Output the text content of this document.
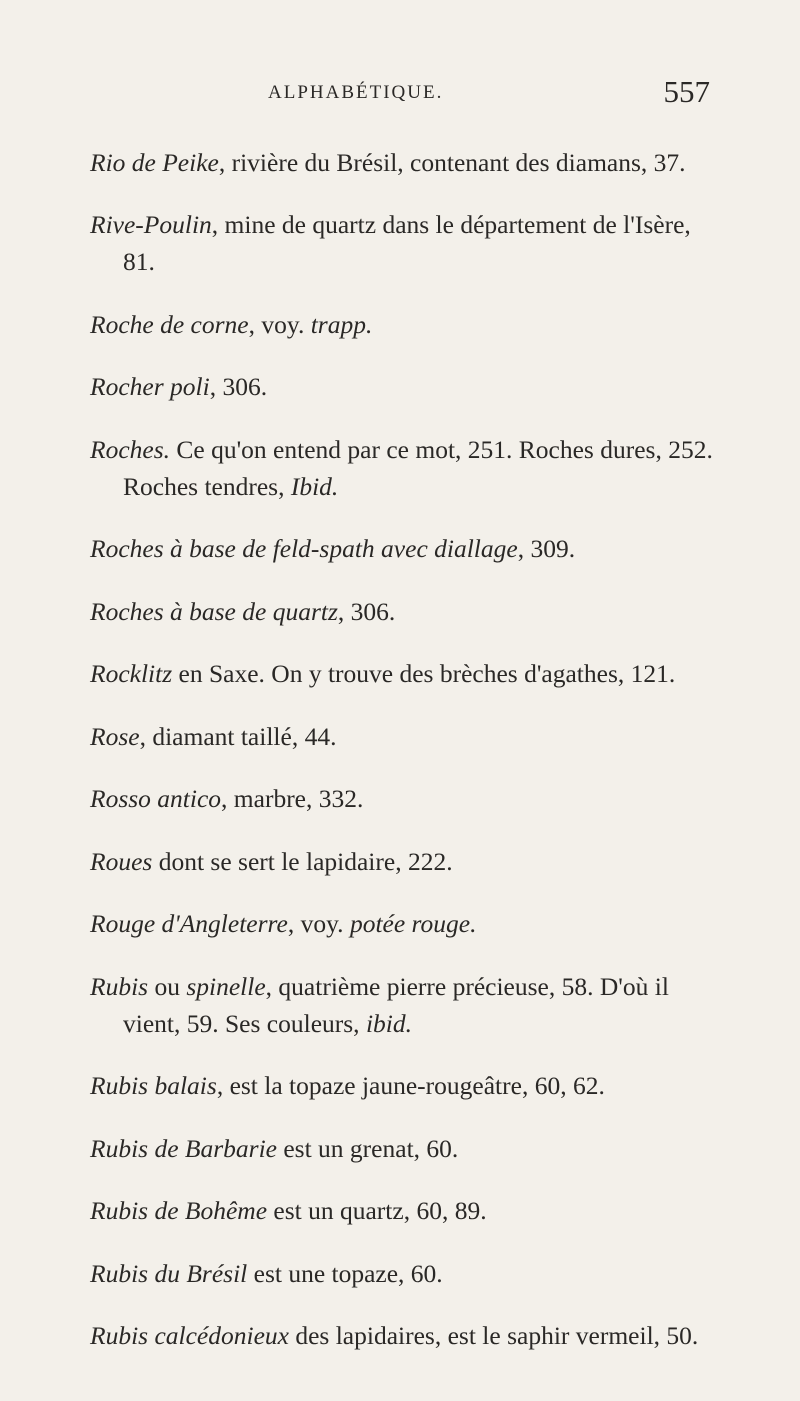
ALPHABÉTIQUE.	557

Rio de Peike, rivière du Brésil, contenant des diamans, 37.

Rive-Poulin, mine de quartz dans le département de l'Isère, 81.

Roche de corne, voy. trapp.

Rocher poli, 306.

Roches. Ce qu'on entend par ce mot, 251. Roches dures, 252. Roches tendres, Ibid.

Roches à base de feld-spath avec diallage, 309.

Roches à base de quartz, 306.

Rocklitz en Saxe. On y trouve des brèches d'agathes, 121.

Rose, diamant taillé, 44.

Rosso antico, marbre, 332.

Roues dont se sert le lapidaire, 222.

Rouge d'Angleterre, voy. potée rouge.

Rubis ou spinelle, quatrième pierre précieuse, 58. D'où il vient, 59. Ses couleurs, ibid.

Rubis balais, est la topaze jaune-rougeâtre, 60, 62.

Rubis de Barbarie est un grenat, 60.

Rubis de Bohême est un quartz, 60, 89.

Rubis du Brésil est une topaze, 60.

Rubis calcédonieux des lapidaires, est le saphir vermeil, 50.
